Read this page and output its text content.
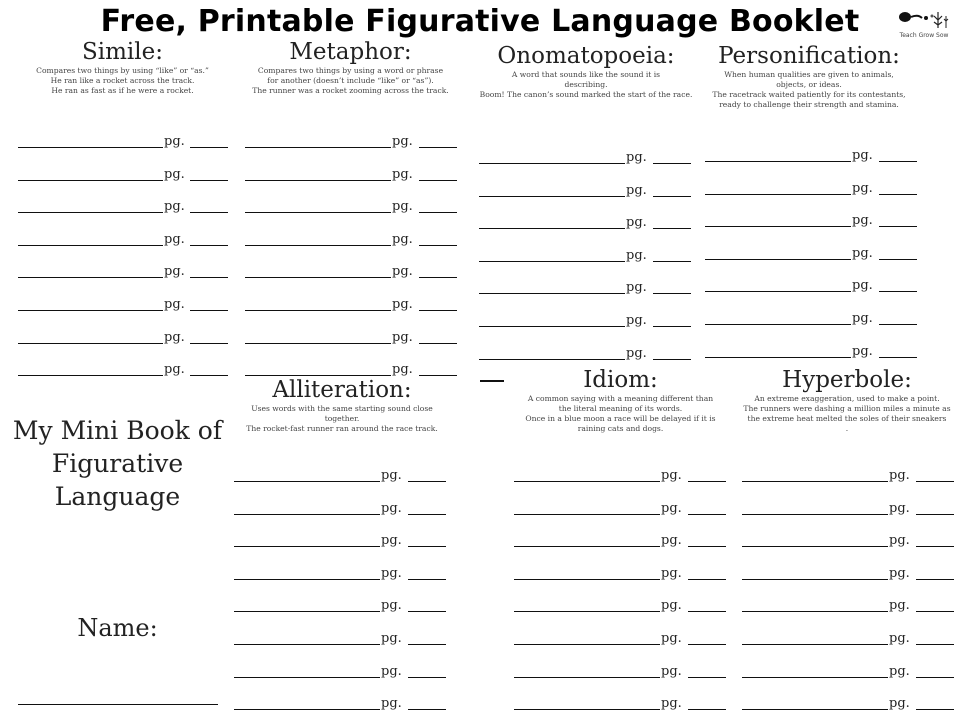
Free, Printable Figurative Language Booklet	Teach Grow Sow
Simile:
Compares two things by using “like” or “as.”
He ran like a rocket across the track.
He ran as fast as if he were a rocket.
pg.
pg.
pg.
pg.
pg.
pg.
pg.
pg.
Metaphor:
Compares two things by using a word or phrase
for another (doesn’t include “like” or “as”).
The runner was a rocket zooming across the track.
pg.
pg.
pg.
pg.
pg.
pg.
pg.
pg.
Onomatopoeia:
A word that sounds like the sound it is
describing.
Boom! The canon’s sound marked the start of the race.
pg.
pg.
pg.
pg.
pg.
pg.
pg.
Personification:
When human qualities are given to animals,
objects, or ideas.
The racetrack waited patiently for its contestants,
ready to challenge their strength and stamina.
pg.
pg.
pg.
pg.
pg.
pg.
pg.
Alliteration:
Uses words with the same starting sound close
together.
The rocket-fast runner ran around the race track.
pg.
pg.
pg.
pg.
pg.
pg.
pg.
pg.
Idiom:
A common saying with a meaning different than
the literal meaning of its words.
Once in a blue moon a race will be delayed if it is
raining cats and dogs.
pg.
pg.
pg.
pg.
pg.
pg.
pg.
pg.
Hyperbole:
An extreme exaggeration, used to make a point.
The runners were dashing a million miles a minute as
the extreme heat melted the soles of their sneakers
.
pg.
pg.
pg.
pg.
pg.
pg.
pg.
pg.
My Mini Book of
Figurative
Language
Name:
